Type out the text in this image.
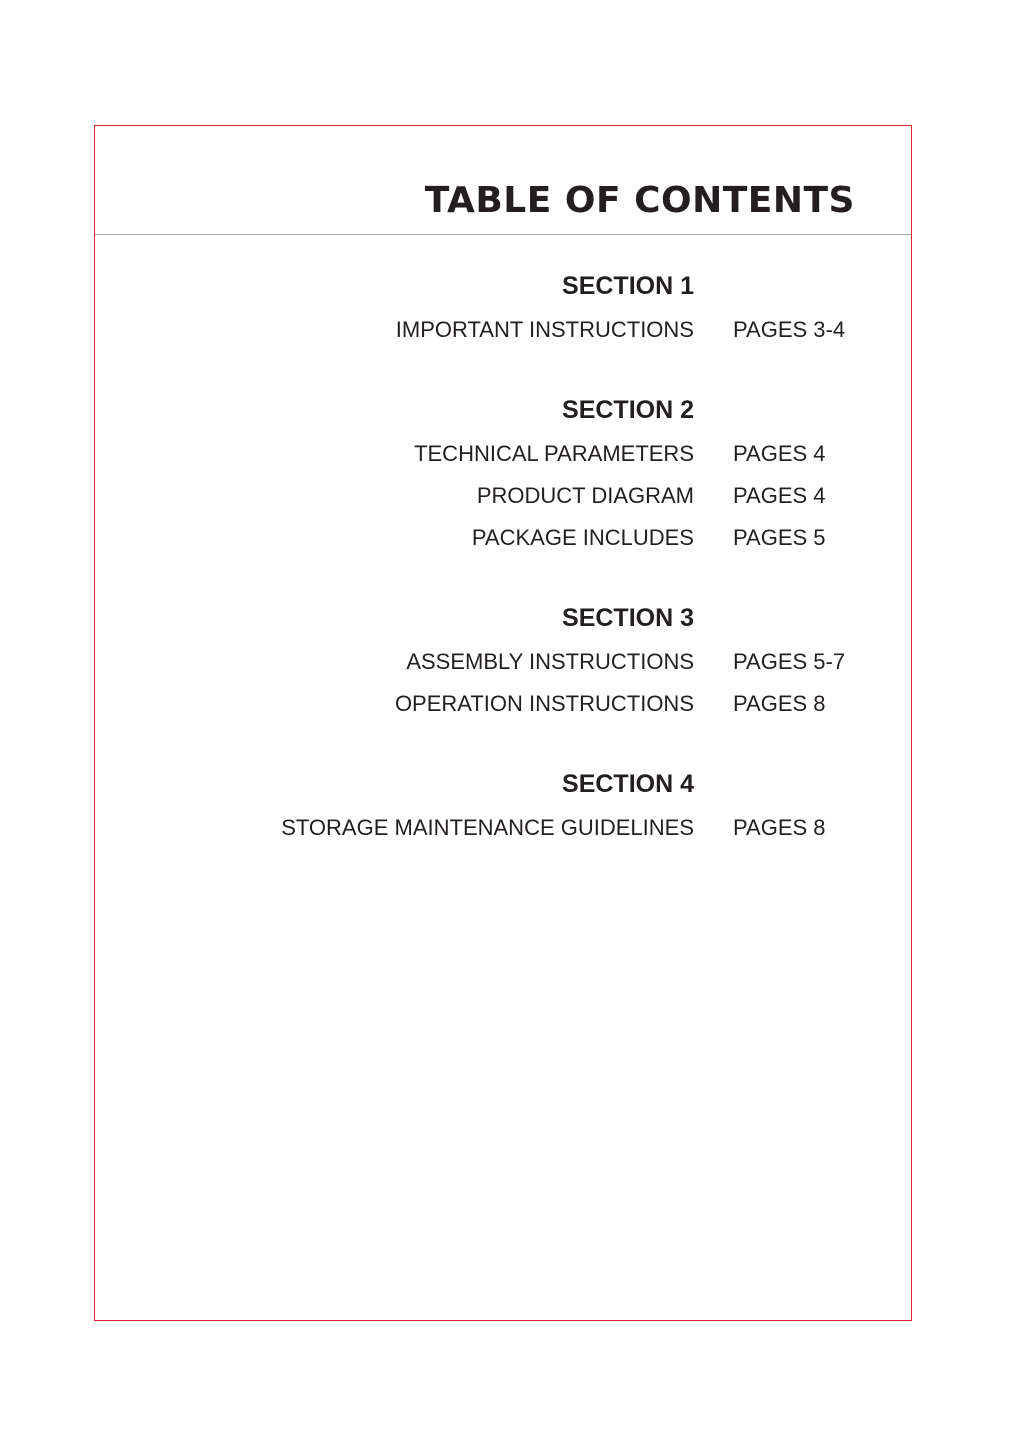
TABLE OF CONTENTS
SECTION 1
IMPORTANT INSTRUCTIONS PAGES 3-4
SECTION 2
TECHNICAL PARAMETERS PAGES 4
PRODUCT DIAGRAM PAGES 4
PACKAGE INCLUDES PAGES 5
SECTION 3
ASSEMBLY INSTRUCTIONS PAGES 5-7
OPERATION INSTRUCTIONS PAGES 8
SECTION 4
STORAGE MAINTENANCE GUIDELINES PAGES 8
